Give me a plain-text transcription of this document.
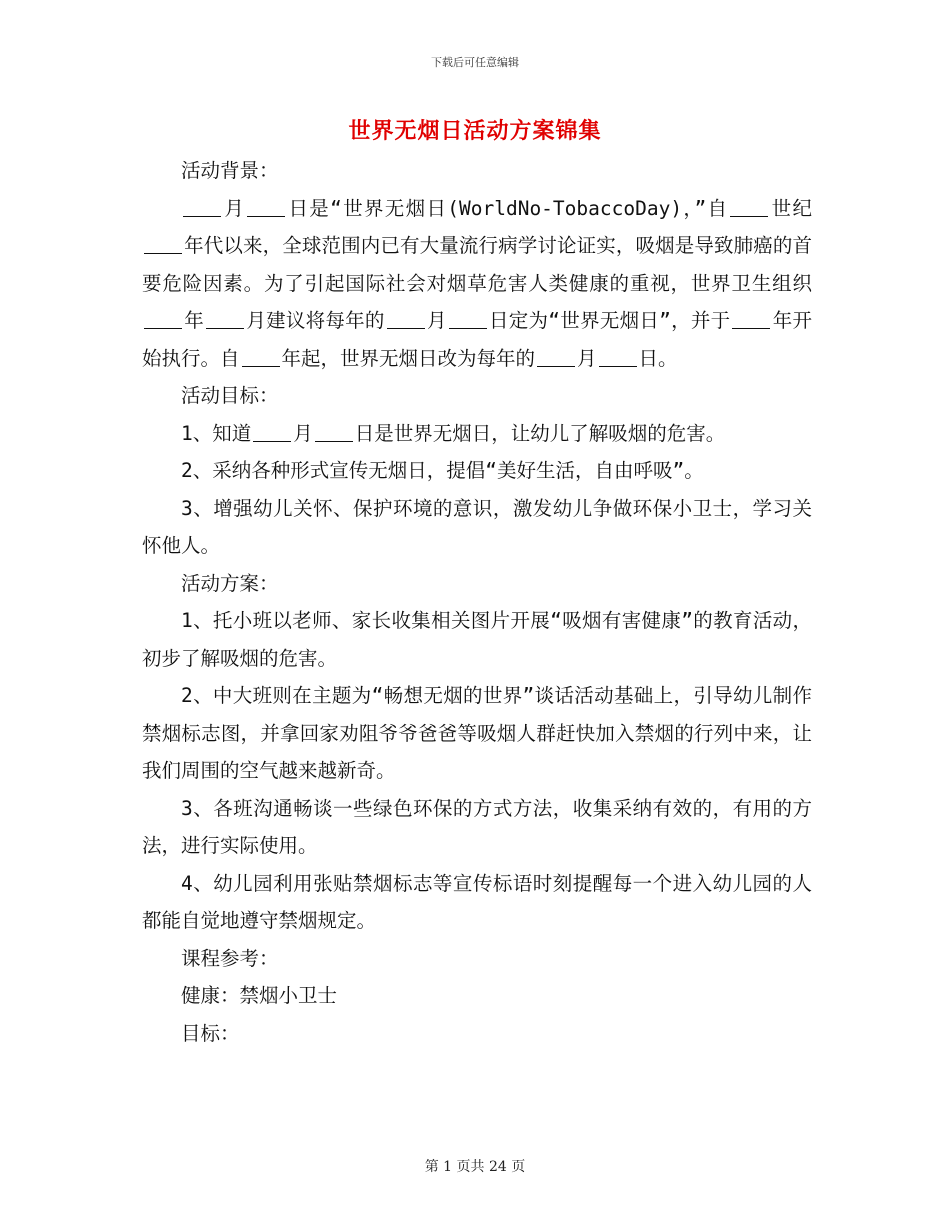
下载后可任意编辑
世界无烟日活动方案锦集

活动背景：

月 日是“世界无烟日(WorldNo-TobaccoDay)，”自 世纪年代以来，全球范围内已有大量流行病学讨论证实，吸烟是导致肺癌的首要危险因素。为了引起国际社会对烟草危害人类健康的重视，世界卫生组织年 月建议将每年的 月 日定为“世界无烟日”，并于 年开始执行。自 年起，世界无烟日改为每年的 月 日。

活动目标：

1、知道 月 日是世界无烟日，让幼儿了解吸烟的危害。

2、采纳各种形式宣传无烟日，提倡“美好生活，自由呼吸”。

3、增强幼儿关怀、保护环境的意识，激发幼儿争做环保小卫士，学习关怀他人。

活动方案：

1、托小班以老师、家长收集相关图片开展“吸烟有害健康”的教育活动，初步了解吸烟的危害。

2、中大班则在主题为“畅想无烟的世界”谈话活动基础上，引导幼儿制作禁烟标志图，并拿回家劝阻爷爷爸爸等吸烟人群赶快加入禁烟的行列中来，让我们周围的空气越来越新奇。

3、各班沟通畅谈一些绿色环保的方式方法，收集采纳有效的，有用的方法，进行实际使用。

4、幼儿园利用张贴禁烟标志等宣传标语时刻提醒每一个进入幼儿园的人都能自觉地遵守禁烟规定。

课程参考：

健康：禁烟小卫士

目标：

第 1 页共 24 页
